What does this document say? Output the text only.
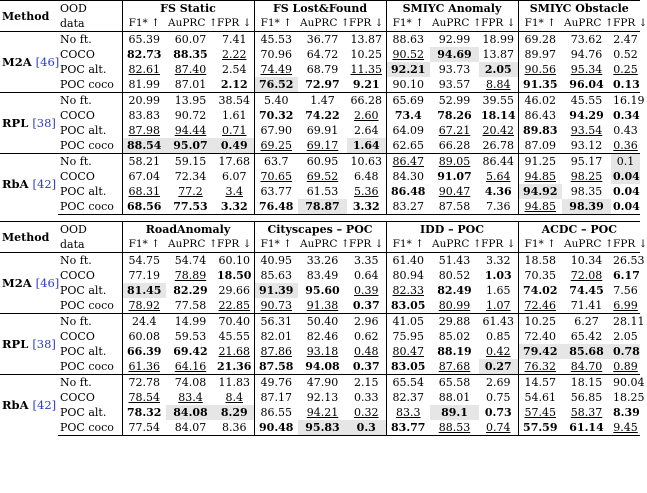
Method	OOD	FS Static			FS Lost&Found			SMIYC Anomaly			SMIYC Obstacle		
	data	F1* ↑	AuPRC ↑	FPR ↓	F1* ↑	AuPRC ↑	FPR ↓	F1* ↑	AuPRC ↑	FPR ↓	F1* ↑	AuPRC ↑	FPR ↓
M2A [46]	No ft.	65.39	60.07	7.41	45.53	36.77	13.87	88.63	92.99	18.99	69.28	73.62	2.47
	COCO	82.73	88.35	2.22	70.96	64.72	10.25	90.52	94.69	13.87	89.97	94.76	0.52
	POC alt.	82.61	87.40	2.54	74.49	68.79	11.35	92.21	93.73	2.05	90.56	95.34	0.25
	POC coco	81.99	87.01	2.12	76.52	72.97	9.21	90.10	93.57	8.84	91.35	96.04	0.13
RPL [38]	No ft.	20.99	13.95	38.54	5.40	1.47	66.28	65.69	52.99	39.55	46.02	45.55	16.19
	COCO	83.83	90.72	1.61	70.32	74.22	2.60	73.4	78.26	18.14	86.43	94.29	0.34
	POC alt.	87.98	94.44	0.71	67.90	69.91	2.64	64.09	67.21	20.42	89.83	93.54	0.43
	POC coco	88.54	95.07	0.49	69.25	69.17	1.64	62.65	66.28	26.78	87.09	93.12	0.36
RbA [42]	No ft.	58.21	59.15	17.68	63.7	60.95	10.63	86.47	89.05	86.44	91.25	95.17	0.1
	COCO	67.04	72.34	6.07	70.65	69.52	6.48	84.30	91.07	5.64	94.85	98.25	0.04
	POC alt.	68.31	77.2	3.4	63.77	61.53	5.36	86.48	90.47	4.36	94.92	98.35	0.04
	POC coco	68.56	77.53	3.32	76.48	78.87	3.32	83.27	87.58	7.36	94.85	98.39	0.04

Method	OOD	RoadAnomaly			Cityscapes – POC			IDD – POC			ACDC – POC		
	data	F1* ↑	AuPRC ↑	FPR ↓	F1* ↑	AuPRC ↑	FPR ↓	F1* ↑	AuPRC ↑	FPR ↓	F1* ↑	AuPRC ↑	FPR ↓
M2A [46]	No ft.	54.75	54.74	60.10	40.95	33.26	3.35	61.40	51.43	3.32	18.58	10.34	26.53
	COCO	77.19	78.89	18.50	85.63	83.49	0.64	80.94	80.52	1.03	70.35	72.08	6.17
	POC alt.	81.45	82.29	29.66	91.39	95.60	0.39	82.33	82.49	1.65	74.02	74.45	7.56
	POC coco	78.92	77.58	22.85	90.73	91.38	0.37	83.05	80.99	1.07	72.46	71.41	6.99
RPL [38]	No ft.	24.4	14.99	70.40	56.31	50.40	2.96	41.05	29.88	61.43	10.25	6.27	28.11
	COCO	60.08	59.53	45.55	82.01	82.46	0.62	75.95	85.02	0.85	72.40	65.42	2.05
	POC alt.	66.39	69.42	21.68	87.86	93.18	0.48	80.47	88.19	0.42	79.42	85.68	0.78
	POC coco	61.36	64.16	21.36	87.58	94.08	0.37	83.05	87.68	0.27	76.32	84.70	0.89
RbA [42]	No ft.	72.78	74.08	11.83	49.76	47.90	2.15	65.54	65.58	2.69	14.57	18.15	90.04
	COCO	78.54	83.4	8.4	87.17	92.13	0.33	82.37	88.01	0.75	54.61	56.85	18.25
	POC alt.	78.32	84.08	8.29	86.55	94.21	0.32	83.3	89.1	0.73	57.45	58.37	8.39
	POC coco	77.54	84.07	8.36	90.48	95.83	0.3	83.77	88.53	0.74	57.59	61.14	9.45
